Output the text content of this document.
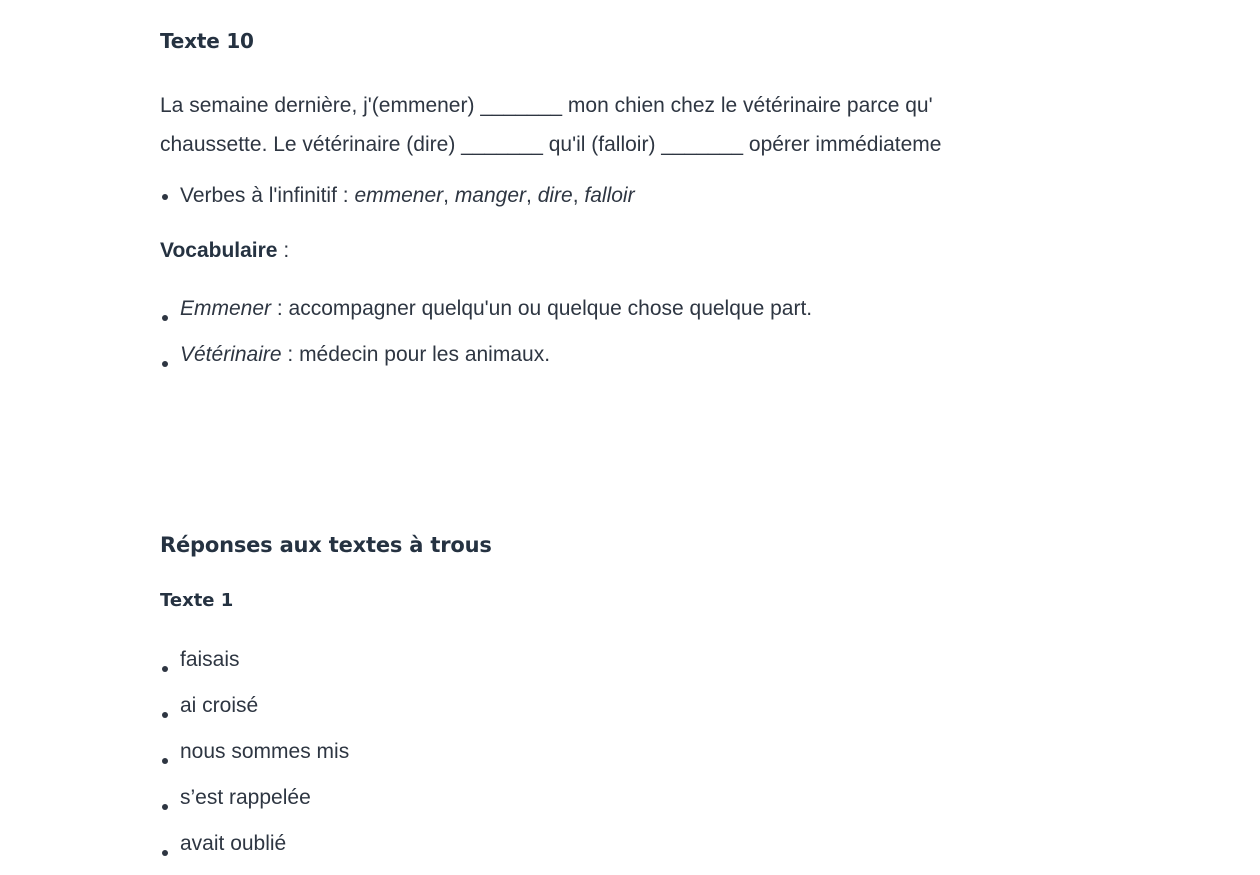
Texte 10
La semaine dernière, j'(emmener) _______ mon chien chez le vétérinaire parce qu'
chaussette. Le vétérinaire (dire) _______ qu'il (falloir) _______ opérer immédiateme
Verbes à l'infinitif : emmener, manger, dire, falloir
Vocabulaire :
Emmener : accompagner quelqu'un ou quelque chose quelque part.
Vétérinaire : médecin pour les animaux.
Réponses aux textes à trous
Texte 1
faisais
ai croisé
nous sommes mis
s’est rappelée
avait oublié
